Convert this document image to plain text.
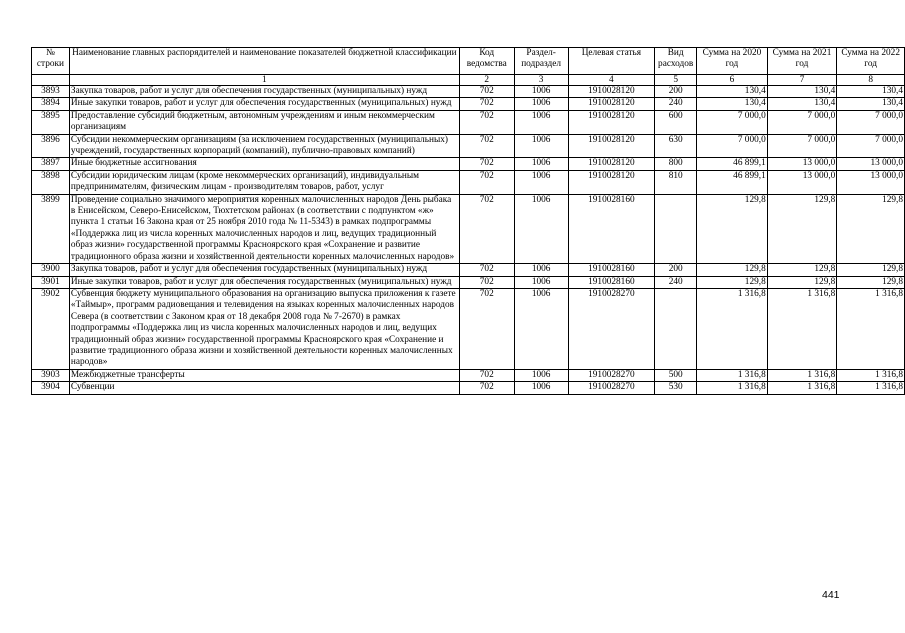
№ строки	Наименование главных распорядителей и наименование показателей бюджетной классификации	Код ведомства	Раздел-подраздел	Целевая статья	Вид расходов	Сумма на 2020 год	Сумма на 2021 год	Сумма на 2022 год
	1	2	3	4	5	6	7	8
3893	Закупка товаров, работ и услуг для обеспечения государственных (муниципальных) нужд	702	1006	1910028120	200	130,4	130,4	130,4
3894	Иные закупки товаров, работ и услуг для обеспечения государственных (муниципальных) нужд	702	1006	1910028120	240	130,4	130,4	130,4
3895	Предоставление субсидий бюджетным, автономным учреждениям и иным некоммерческим организациям	702	1006	1910028120	600	7 000,0	7 000,0	7 000,0
3896	Субсидии некоммерческим организациям (за исключением государственных (муниципальных) учреждений, государственных корпораций (компаний), публично-правовых компаний)	702	1006	1910028120	630	7 000,0	7 000,0	7 000,0
3897	Иные бюджетные ассигнования	702	1006	1910028120	800	46 899,1	13 000,0	13 000,0
3898	Субсидии юридическим лицам (кроме некоммерческих организаций), индивидуальным предпринимателям, физическим лицам - производителям товаров, работ, услуг	702	1006	1910028120	810	46 899,1	13 000,0	13 000,0
3899	Проведение социально значимого мероприятия коренных малочисленных народов День рыбака в Енисейском, Северо-Енисейском, Тюхтетском районах (в соответствии с подпунктом «ж» пункта 1 статьи 16 Закона края от 25 ноября 2010 года № 11-5343) в рамках подпрограммы «Поддержка лиц из числа коренных малочисленных народов и лиц, ведущих традиционный образ жизни» государственной программы Красноярского края «Сохранение и развитие традиционного образа жизни и хозяйственной деятельности коренных малочисленных народов»	702	1006	1910028160		129,8	129,8	129,8
3900	Закупка товаров, работ и услуг для обеспечения государственных (муниципальных) нужд	702	1006	1910028160	200	129,8	129,8	129,8
3901	Иные закупки товаров, работ и услуг для обеспечения государственных (муниципальных) нужд	702	1006	1910028160	240	129,8	129,8	129,8
3902	Субвенция бюджету муниципального образования на организацию выпуска приложения к газете «Таймыр», программ радиовещания и телевидения на языках коренных малочисленных народов Севера (в соответствии с Законом края от 18 декабря 2008 года № 7-2670) в рамках подпрограммы «Поддержка лиц из числа коренных малочисленных народов и лиц, ведущих традиционный образ жизни» государственной программы Красноярского края «Сохранение и развитие традиционного образа жизни и хозяйственной деятельности коренных малочисленных народов»	702	1006	1910028270		1 316,8	1 316,8	1 316,8
3903	Межбюджетные трансферты	702	1006	1910028270	500	1 316,8	1 316,8	1 316,8
3904	Субвенции	702	1006	1910028270	530	1 316,8	1 316,8	1 316,8
441
